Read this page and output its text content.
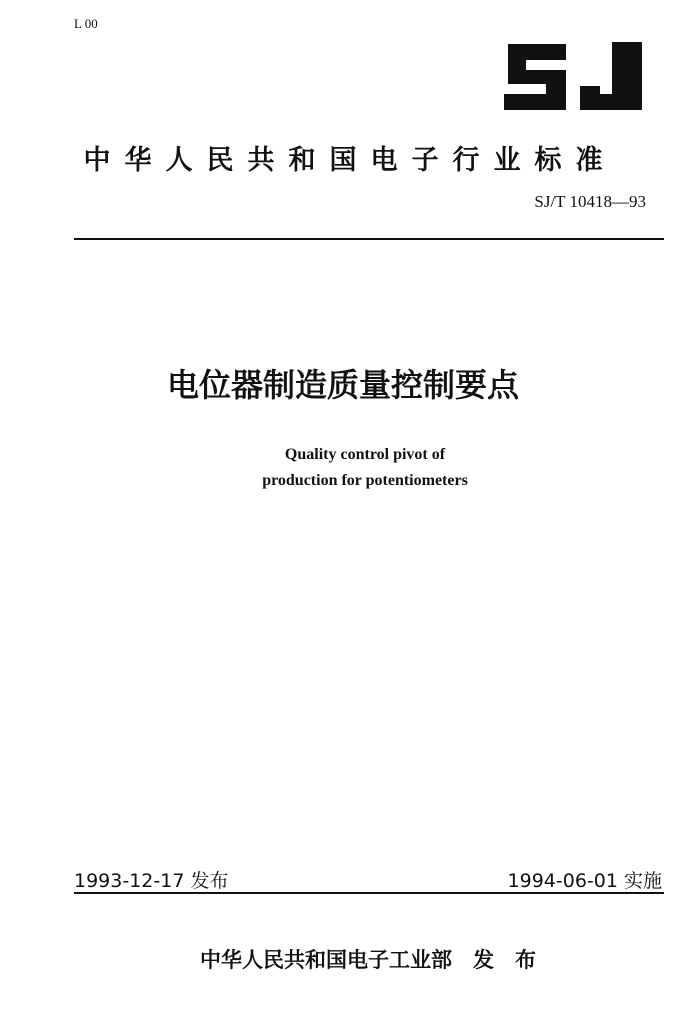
L 00
中华人民共和国电子行业标准
SJ/T 10418—93
电位器制造质量控制要点
Quality control pivot of
production for potentiometers
1993-12-17 发布	1994-06-01 实施
中华人民共和国电子工业部　发　布
